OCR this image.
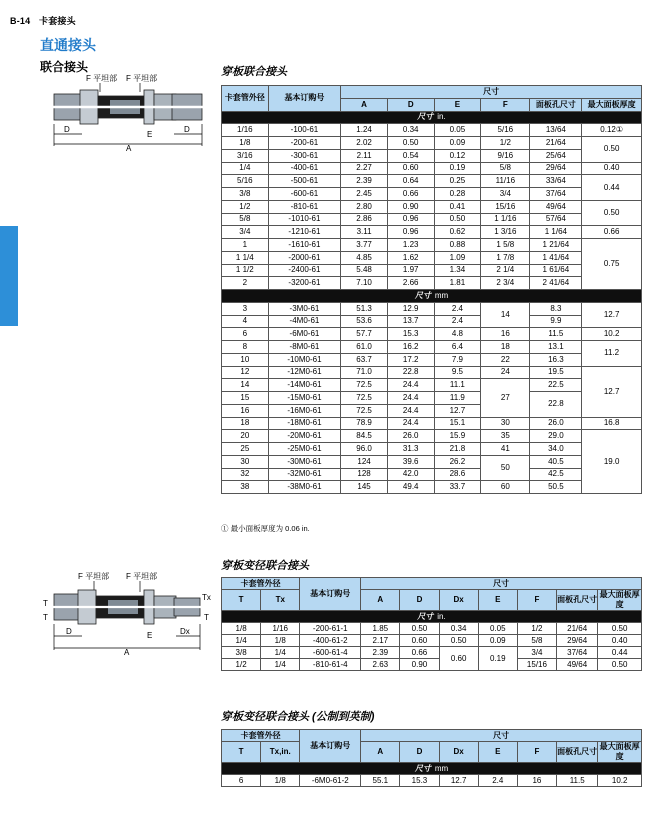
B-14 卡套接头
直通接头
联合接头
F 平坦部 F 平坦部
D
E
D
A
穿板联合接头
卡套管外径	基本订购号	尺寸					
		A	D	E	F	面板孔尺寸	最大面板厚度
尺寸 in.							
1/16	-100-61	1.24	0.34	0.05	5/16	13/64	0.12①
1/8	-200-61	2.02	0.50	0.09	1/2	21/64	0.50
3/16	-300-61	2.11	0.54	0.12	9/16	25/64	
1/4	-400-61	2.27	0.60	0.19	5/8	29/64	0.40
5/16	-500-61	2.39	0.64	0.25	11/16	33/64	0.44
3/8	-600-61	2.45	0.66	0.28	3/4	37/64	
1/2	-810-61	2.80	0.90	0.41	15/16	49/64	0.50
5/8	-1010-61	2.86	0.96	0.50	1 1/16	57/64	
3/4	-1210-61	3.11	0.96	0.62	1 3/16	1 1/64	0.66
1	-1610-61	3.77	1.23	0.88	1 5/8	1 21/64	0.75
1 1/4	-2000-61	4.85	1.62	1.09	1 7/8	1 41/64	
1 1/2	-2400-61	5.48	1.97	1.34	2 1/4	1 61/64	
2	-3200-61	7.10	2.66	1.81	2 3/4	2 41/64	
尺寸 mm							
3	-3M0-61	51.3	12.9	2.4	14	8.3	12.7
4	-4M0-61	53.6	13.7	2.4		9.9	
6	-6M0-61	57.7	15.3	4.8	16	11.5	10.2
8	-8M0-61	61.0	16.2	6.4	18	13.1	11.2
10	-10M0-61	63.7	17.2	7.9	22	16.3	
12	-12M0-61	71.0	22.8	9.5	24	19.5	12.7
14	-14M0-61	72.5	24.4	11.1	27	22.5	
15	-15M0-61	72.5	24.4	11.9		22.8	
16	-16M0-61	72.5	24.4	12.7			
18	-18M0-61	78.9	24.4	15.1	30	26.0	16.8
20	-20M0-61	84.5	26.0	15.9	35	29.0	19.0
25	-25M0-61	96.0	31.3	21.8	41	34.0	
30	-30M0-61	124	39.6	26.2	50	40.5	
32	-32M0-61	128	42.0	28.6		42.5	
38	-38M0-61	145	49.4	33.7	60	50.5	
① 最小面板厚度为 0.06 in.
F 平坦部 F 平坦部
T
T
Tx
T
D	E	Dx
A
穿板变径联合接头
卡套管外径		基本订购号	尺寸						
T	Tx		A	D	Dx	E	F	面板孔尺寸	最大面板厚度
尺寸 in.									
1/8	1/16	-200-61-1	1.85	0.50	0.34	0.05	1/2	21/64	0.50
1/4	1/8	-400-61-2	2.17	0.60	0.50	0.09	5/8	29/64	0.40
3/8	1/4	-600-61-4	2.39	0.66	0.60	0.19	3/4	37/64	0.44
1/2	1/4	-810-61-4	2.63	0.90			15/16	49/64	0.50
穿板变径联合接头 (公制到英制)
卡套管外径		基本订购号	尺寸						
T	Tx,in.		A	D	Dx	E	F	面板孔尺寸	最大面板厚度
尺寸 mm									
6	1/8	-6M0-61-2	55.1	15.3	12.7	2.4	16	11.5	10.2
